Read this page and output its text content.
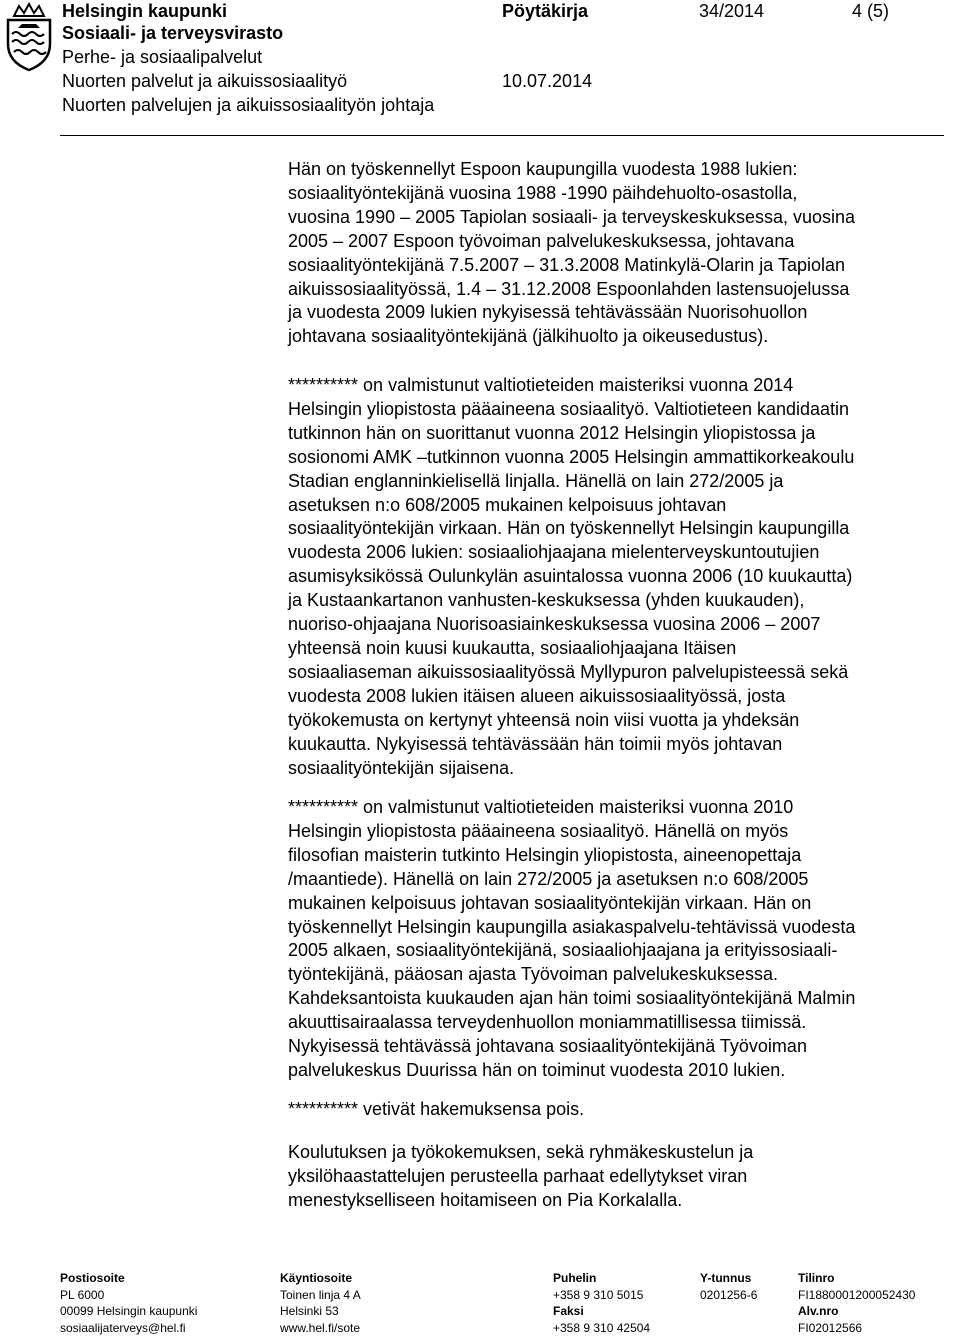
Helsingin kaupunki
Sosiaali- ja terveysvirasto
Perhe- ja sosiaalipalvelut
Nuorten palvelut ja aikuissosiaalityö
Nuorten palvelujen ja aikuissosiaalityön johtaja
Pöytäkirja	34/2014	4 (5)
10.07.2014

Hän on työskennellyt Espoon kaupungilla vuodesta 1988 lukien:

sosiaalityöntekijänä vuosina 1988 -1990 päihdehuolto-osastolla,

vuosina 1990 – 2005 Tapiolan sosiaali- ja terveyskeskuksessa, vuosina

2005 – 2007 Espoon työvoiman palvelukeskuksessa, johtavana

sosiaalityöntekijänä 7.5.2007 – 31.3.2008 Matinkylä-Olarin ja Tapiolan

aikuissosiaalityössä, 1.4 – 31.12.2008 Espoonlahden lastensuojelussa

ja vuodesta 2009 lukien nykyisessä tehtävässään Nuorisohuollon

johtavana sosiaalityöntekijänä (jälkihuolto ja oikeusedustus).

********** on valmistunut valtiotieteiden maisteriksi vuonna 2014

Helsingin yliopistosta pääaineena sosiaalityö. Valtiotieteen kandidaatin

tutkinnon hän on suorittanut vuonna 2012 Helsingin yliopistossa ja

sosionomi AMK –tutkinnon vuonna 2005 Helsingin ammattikorkeakoulu

Stadian englanninkielisellä linjalla. Hänellä on lain 272/2005 ja

asetuksen n:o 608/2005 mukainen kelpoisuus johtavan

sosiaalityöntekijän virkaan. Hän on työskennellyt Helsingin kaupungilla

vuodesta 2006 lukien: sosiaaliohjaajana mielenterveyskuntoutujien

asumisyksikössä Oulunkylän asuintalossa vuonna 2006 (10 kuukautta)

ja Kustaankartanon vanhusten-keskuksessa (yhden kuukauden),

nuoriso-ohjaajana Nuorisoasiainkeskuksessa vuosina 2006 – 2007

yhteensä noin kuusi kuukautta, sosiaaliohjaajana Itäisen

sosiaaliaseman aikuissosiaalityössä Myllypuron palvelupisteessä sekä

vuodesta 2008 lukien itäisen alueen aikuissosiaalityössä, josta

työkokemusta on kertynyt yhteensä noin viisi vuotta ja yhdeksän

kuukautta. Nykyisessä tehtävässään hän toimii myös johtavan

sosiaalityöntekijän sijaisena.

********** on valmistunut valtiotieteiden maisteriksi vuonna 2010

Helsingin yliopistosta pääaineena sosiaalityö. Hänellä on myös

filosofian maisterin tutkinto Helsingin yliopistosta, aineenopettaja

/maantiede). Hänellä on lain 272/2005 ja asetuksen n:o 608/2005

mukainen kelpoisuus johtavan sosiaalityöntekijän virkaan. Hän on

työskennellyt Helsingin kaupungilla asiakaspalvelu-tehtävissä vuodesta

2005 alkaen, sosiaalityöntekijänä, sosiaaliohjaajana ja erityissosiaali-

työntekijänä, pääosan ajasta Työvoiman palvelukeskuksessa.

Kahdeksantoista kuukauden ajan hän toimi sosiaalityöntekijänä Malmin

akuuttisairaalassa terveydenhuollon moniammatillisessa tiimissä.

Nykyisessä tehtävässä johtavana sosiaalityöntekijänä Työvoiman

palvelukeskus Duurissa hän on toiminut vuodesta 2010 lukien.

********** vetivät hakemuksensa pois.

Koulutuksen ja työkokemuksen, sekä ryhmäkeskustelun ja

yksilöhaastattelujen perusteella parhaat edellytykset viran

menestykselliseen hoitamiseen on Pia Korkalalla.

Postiosoite
PL 6000
00099 Helsingin kaupunki
sosiaalijaterveys@hel.fi
Käyntiosoite
Toinen linja 4 A
Helsinki 53
www.hel.fi/sote
Puhelin
+358 9 310 5015
Faksi
+358 9 310 42504
Y-tunnus
0201256-6
Tilinro
FI1880001200052430
Alv.nro
FI02012566
